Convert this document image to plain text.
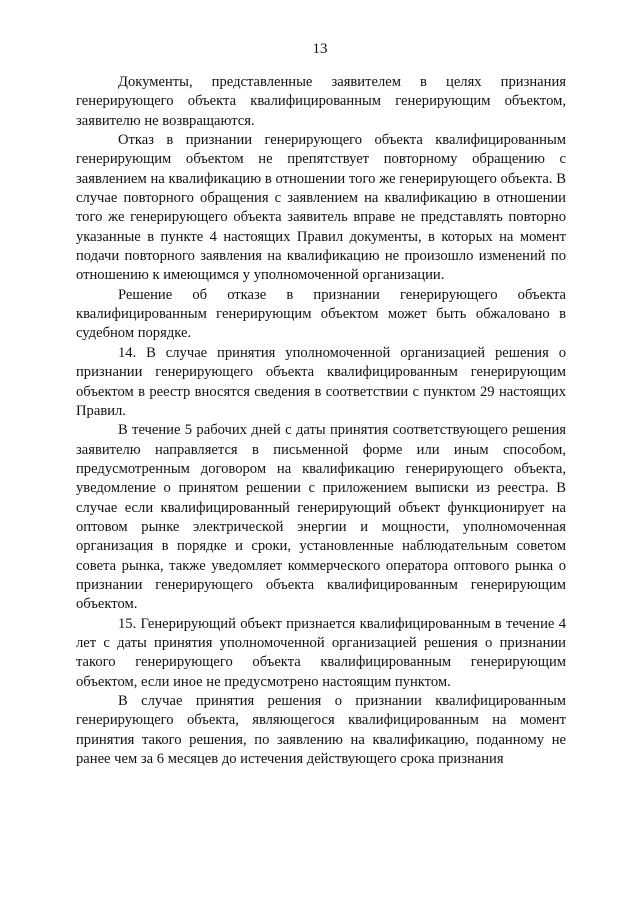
13

Документы, представленные заявителем в целях признания генерирующего объекта квалифицированным генерирующим объектом, заявителю не возвращаются.

Отказ в признании генерирующего объекта квалифицированным генерирующим объектом не препятствует повторному обращению с заявлением на квалификацию в отношении того же генерирующего объекта. В случае повторного обращения с заявлением на квалификацию в отношении того же генерирующего объекта заявитель вправе не представлять повторно указанные в пункте 4 настоящих Правил документы, в которых на момент подачи повторного заявления на квалификацию не произошло изменений по отношению к имеющимся у уполномоченной организации.

Решение об отказе в признании генерирующего объекта квалифицированным генерирующим объектом может быть обжаловано в судебном порядке.

14. В случае принятия уполномоченной организацией решения о признании генерирующего объекта квалифицированным генерирующим объектом в реестр вносятся сведения в соответствии с пунктом 29 настоящих Правил.

В течение 5 рабочих дней с даты принятия соответствующего решения заявителю направляется в письменной форме или иным способом, предусмотренным договором на квалификацию генерирующего объекта, уведомление о принятом решении с приложением выписки из реестра. В случае если квалифицированный генерирующий объект функционирует на оптовом рынке электрической энергии и мощности, уполномоченная организация в порядке и сроки, установленные наблюдательным советом совета рынка, также уведомляет коммерческого оператора оптового рынка о признании генерирующего объекта квалифицированным генерирующим объектом.

15. Генерирующий объект признается квалифицированным в течение 4 лет с даты принятия уполномоченной организацией решения о признании такого генерирующего объекта квалифицированным генерирующим объектом, если иное не предусмотрено настоящим пунктом.

В случае принятия решения о признании квалифицированным генерирующего объекта, являющегося квалифицированным на момент принятия такого решения, по заявлению на квалификацию, поданному не ранее чем за 6 месяцев до истечения действующего срока признания
